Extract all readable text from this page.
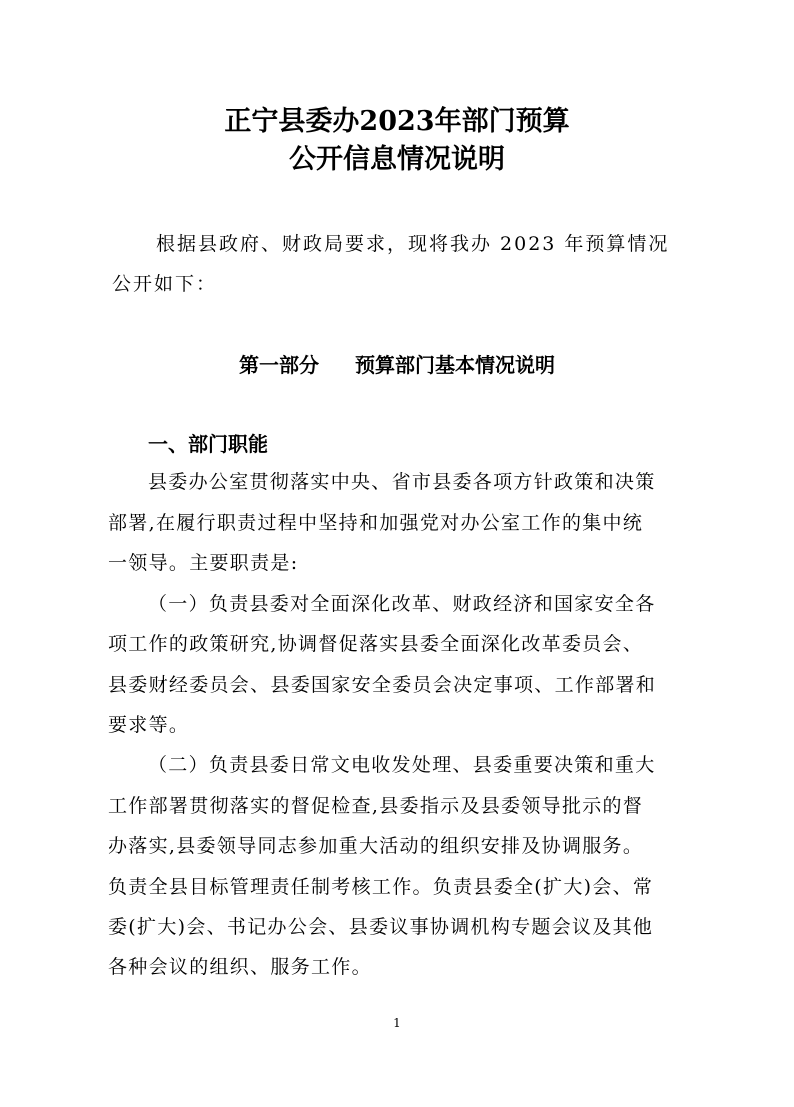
正宁县委办2023年部门预算
公开信息情况说明
根据县政府、财政局要求，现将我办 2023 年预算情况
公开如下：
第一部分 预算部门基本情况说明
一、部门职能
县委办公室贯彻落实中央、省市县委各项方针政策和决策
部署,在履行职责过程中坚持和加强党对办公室工作的集中统
一领导。主要职责是:
（一）负责县委对全面深化改革、财政经济和国家安全各
项工作的政策研究,协调督促落实县委全面深化改革委员会、
县委财经委员会、县委国家安全委员会决定事项、工作部署和
要求等。
（二）负责县委日常文电收发处理、县委重要决策和重大
工作部署贯彻落实的督促检查,县委指示及县委领导批示的督
办落实,县委领导同志参加重大活动的组织安排及协调服务。
负责全县目标管理责任制考核工作。负责县委全(扩大)会、常
委(扩大)会、书记办公会、县委议事协调机构专题会议及其他
各种会议的组织、服务工作。
1
